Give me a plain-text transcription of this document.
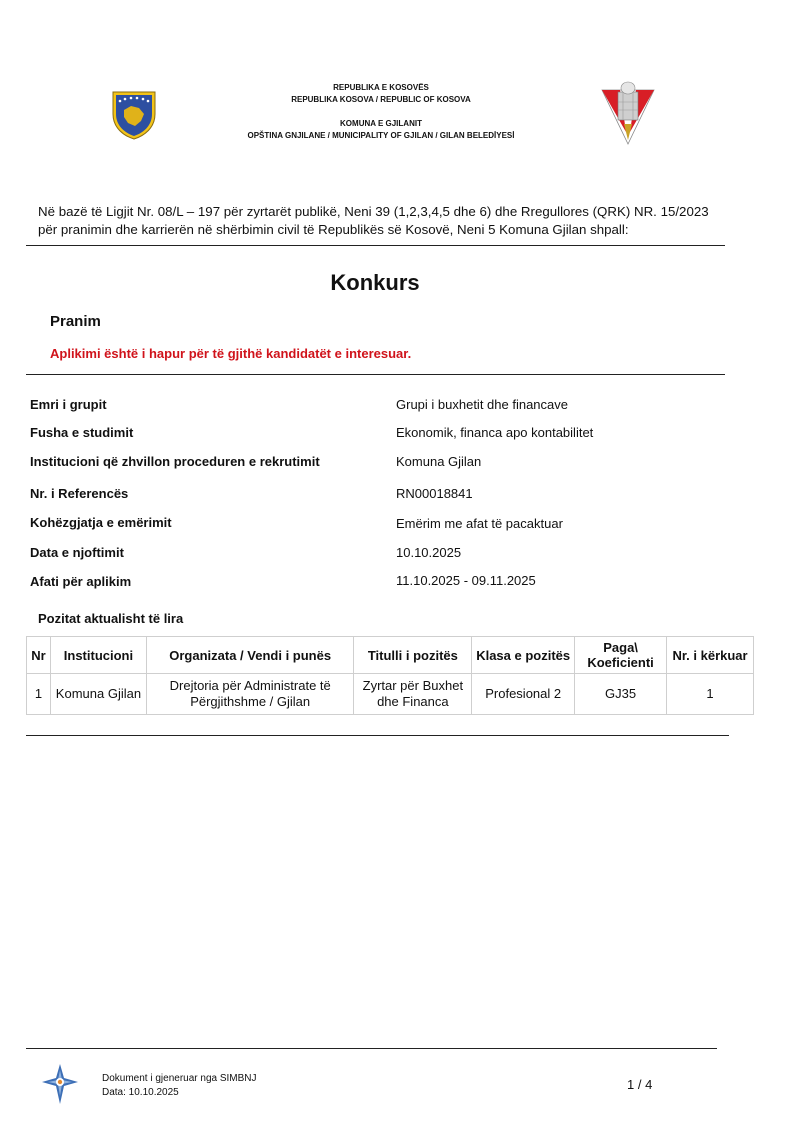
REPUBLIKA E KOSOVËS
REPUBLIKA KOSOVA / REPUBLIC OF KOSOVA
KOMUNA E GJILANIT
OPŠTINA GNJILANE / MUNICIPALITY OF GJILAN / GILAN BELEDİYESİ
Në bazë të Ligjit Nr. 08/L – 197 për zyrtarët publikë, Neni 39 (1,2,3,4,5 dhe 6) dhe Rregullores (QRK) NR. 15/2023
për pranimin dhe karrierën në shërbimin civil të Republikës së Kosovë, Neni 5 Komuna Gjilan shpall:
Konkurs
Pranim
Aplikimi është i hapur për të gjithë kandidatët e interesuar.
Emri i grupit	Grupi i buxhetit dhe financave
Fusha e studimit	Ekonomik, financa apo kontabilitet
Institucioni që zhvillon proceduren e rekrutimit	Komuna Gjilan
Nr. i Referencës	RN00018841
Kohëzgjatja e emërimit	Emërim me afat të pacaktuar
Data e njoftimit	10.10.2025
Afati për aplikim	11.10.2025 - 09.11.2025
Pozitat aktualisht të lira
Nr	Institucioni	Organizata / Vendi i punës	Titulli i pozitës	Klasa e pozitës	Paga\ Koeficienti	Nr. i kërkuar
1	Komuna Gjilan	Drejtoria për Administrate të Përgjithshme / Gjilan	Zyrtar për Buxhet dhe Financa	Profesional 2	GJ35	1
Dokument i gjeneruar nga SIMBNJ
Data: 10.10.2025
1 / 4
